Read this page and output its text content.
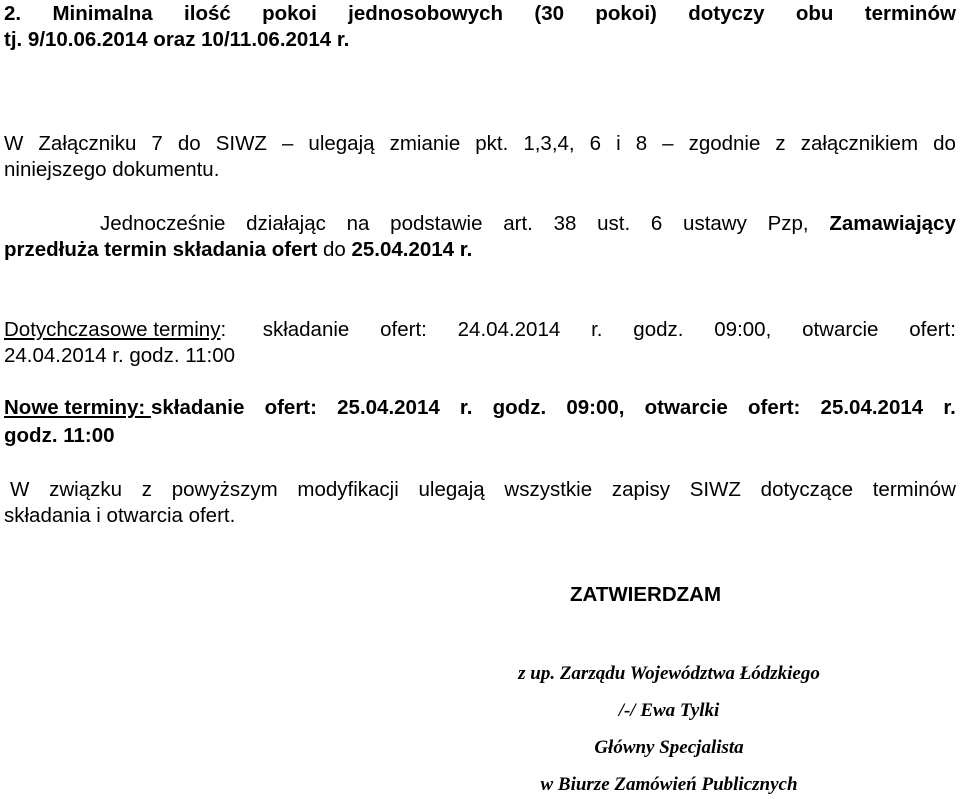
2. Minimalna ilość pokoi jednosobowych (30 pokoi) dotyczy obu terminów
tj. 9/10.06.2014 oraz 10/11.06.2014 r.
W Załączniku 7 do SIWZ – ulegają zmianie pkt. 1,3,4, 6 i 8 – zgodnie z załącznikiem do
niniejszego dokumentu.
Jednocześnie działając na podstawie art. 38 ust. 6 ustawy Pzp, Zamawiający
przedłuża termin składania ofert do 25.04.2014 r.
Dotychczasowe terminy : składanie ofert: 24.04.2014 r. godz. 09:00, otwarcie ofert:
24.04.2014 r. godz. 11:00
Nowe terminy: składanie ofert: 25.04.2014 r. godz. 09:00, otwarcie ofert: 25.04.2014 r.
godz. 11:00
W związku z powyższym modyfikacji ulegają wszystkie zapisy SIWZ dotyczące terminów
składania i otwarcia ofert.
ZATWIERDZAM
z up. Zarządu Województwa Łódzkiego
/-/ Ewa Tylki
Główny Specjalista
w Biurze Zamówień Publicznych
